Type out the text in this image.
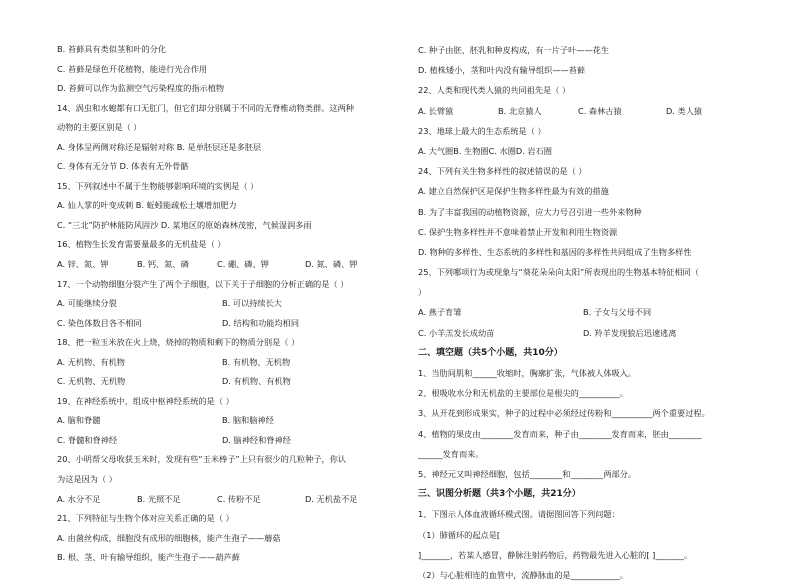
B. 苔藓具有类似茎和叶的分化
C. 苔藓是绿色开花植物，能进行光合作用
D. 苔藓可以作为监测空气污染程度的指示植物
14、涡虫和水螅都有口无肛门，但它们却分别属于不同的无脊椎动物类群。这两种
动物的主要区别是（ ）
A. 身体呈两侧对称还是辐射对称 B. 是单胚层还是多胚层
C. 身体有无分节 D. 体表有无外骨骼
15、下列叙述中不属于生物能够影响环境的实例是（ ）
A. 仙人掌的叶变成刺 B. 蚯蚓能疏松土壤增加肥力
C. “三北”防护林能防风固沙 D. 某地区的原始森林茂密，气候湿润多雨
16、植物生长发育需要量最多的无机盐是（ ）
A. 锌、氮、钾	B. 钙、氮、磷	C. 硼、磷、钾	D. 氮、磷、钾
17、一个动物细胞分裂产生了两个子细胞，以下关于子细胞的分析正确的是（ ）
A. 可能继续分裂	B. 可以持续长大
C. 染色体数目各不相同	D. 结构和功能均相同
18、把一粒玉米放在火上烧，烧掉的物质和剩下的物质分别是（ ）
A. 无机物、有机物	B. 有机物、无机物
C. 无机物、无机物	D. 有机物、有机物
19、在神经系统中，组成中枢神经系统的是（ ）
A. 脑和脊髓	B. 脑和脑神经
C. 脊髓和脊神经	D. 脑神经和脊神经
20、小明帮父母收获玉米时，发现有些“玉米棒子”上只有很少的几粒种子，你认
为这是因为（ ）
A. 水分不足	B. 光照不足	C. 传粉不足	D. 无机盐不足
21、下列特征与生物个体对应关系正确的是（ ）
A. 由菌丝构成，细胞没有成形的细胞核，能产生孢子——蘑菇
B. 根、茎、叶有输导组织，能产生孢子——葫芦藓
C. 种子由胚、胚乳和种皮构成，有一片子叶——花生
D. 植株矮小，茎和叶内没有输导组织——苔藓
22、人类和现代类人猿的共同祖先是（ ）
A. 长臂猿	B. 北京猿人	C. 森林古猿	D. 类人猿
23、地球上最大的生态系统是（ ）
A. 大气圈B. 生物圈C. 水圈D. 岩石圈
24、下列有关生物多样性的叙述错误的是（ ）
A. 建立自然保护区是保护生物多样性最为有效的措施
B. 为了丰富我国的动植物资源，应大力号召引进一些外来物种
C. 保护生物多样性并不意味着禁止开发和利用生物资源
D. 物种的多样性、生态系统的多样性和基因的多样性共同组成了生物多样性
25、下列哪项行为或现象与“葵花朵朵向太阳”所表现出的生物基本特征相同（
）
A. 燕子育雏	B. 子女与父母不同
C. 小羊羔发长成幼苗	D. 羚羊发现狼后迅速逃离
二、填空题（共5个小题，共10分）
1、当肋间肌和______收缩时，胸廓扩张，气体被人体吸入。
2、根吸收水分和无机盐的主要部位是根尖的__________。
3、从开花到形成果实，种子的过程中必须经过传粉和__________两个重要过程。
4、植物的果皮由________发育而来，种子由________发育而来，胚由________
______发育而来。
5、神经元又叫神经细胞，包括________和________两部分。
三、识图分析题（共3个小题，共21分）
1、下图示人体血液循环模式图。请据图回答下列问题：
（1）肺循环的起点是[
]_______，若某人感冒，静脉注射药物后，药物最先进入心脏的[ ]_______。
（2）与心脏相连的血管中，流静脉血的是____________。
